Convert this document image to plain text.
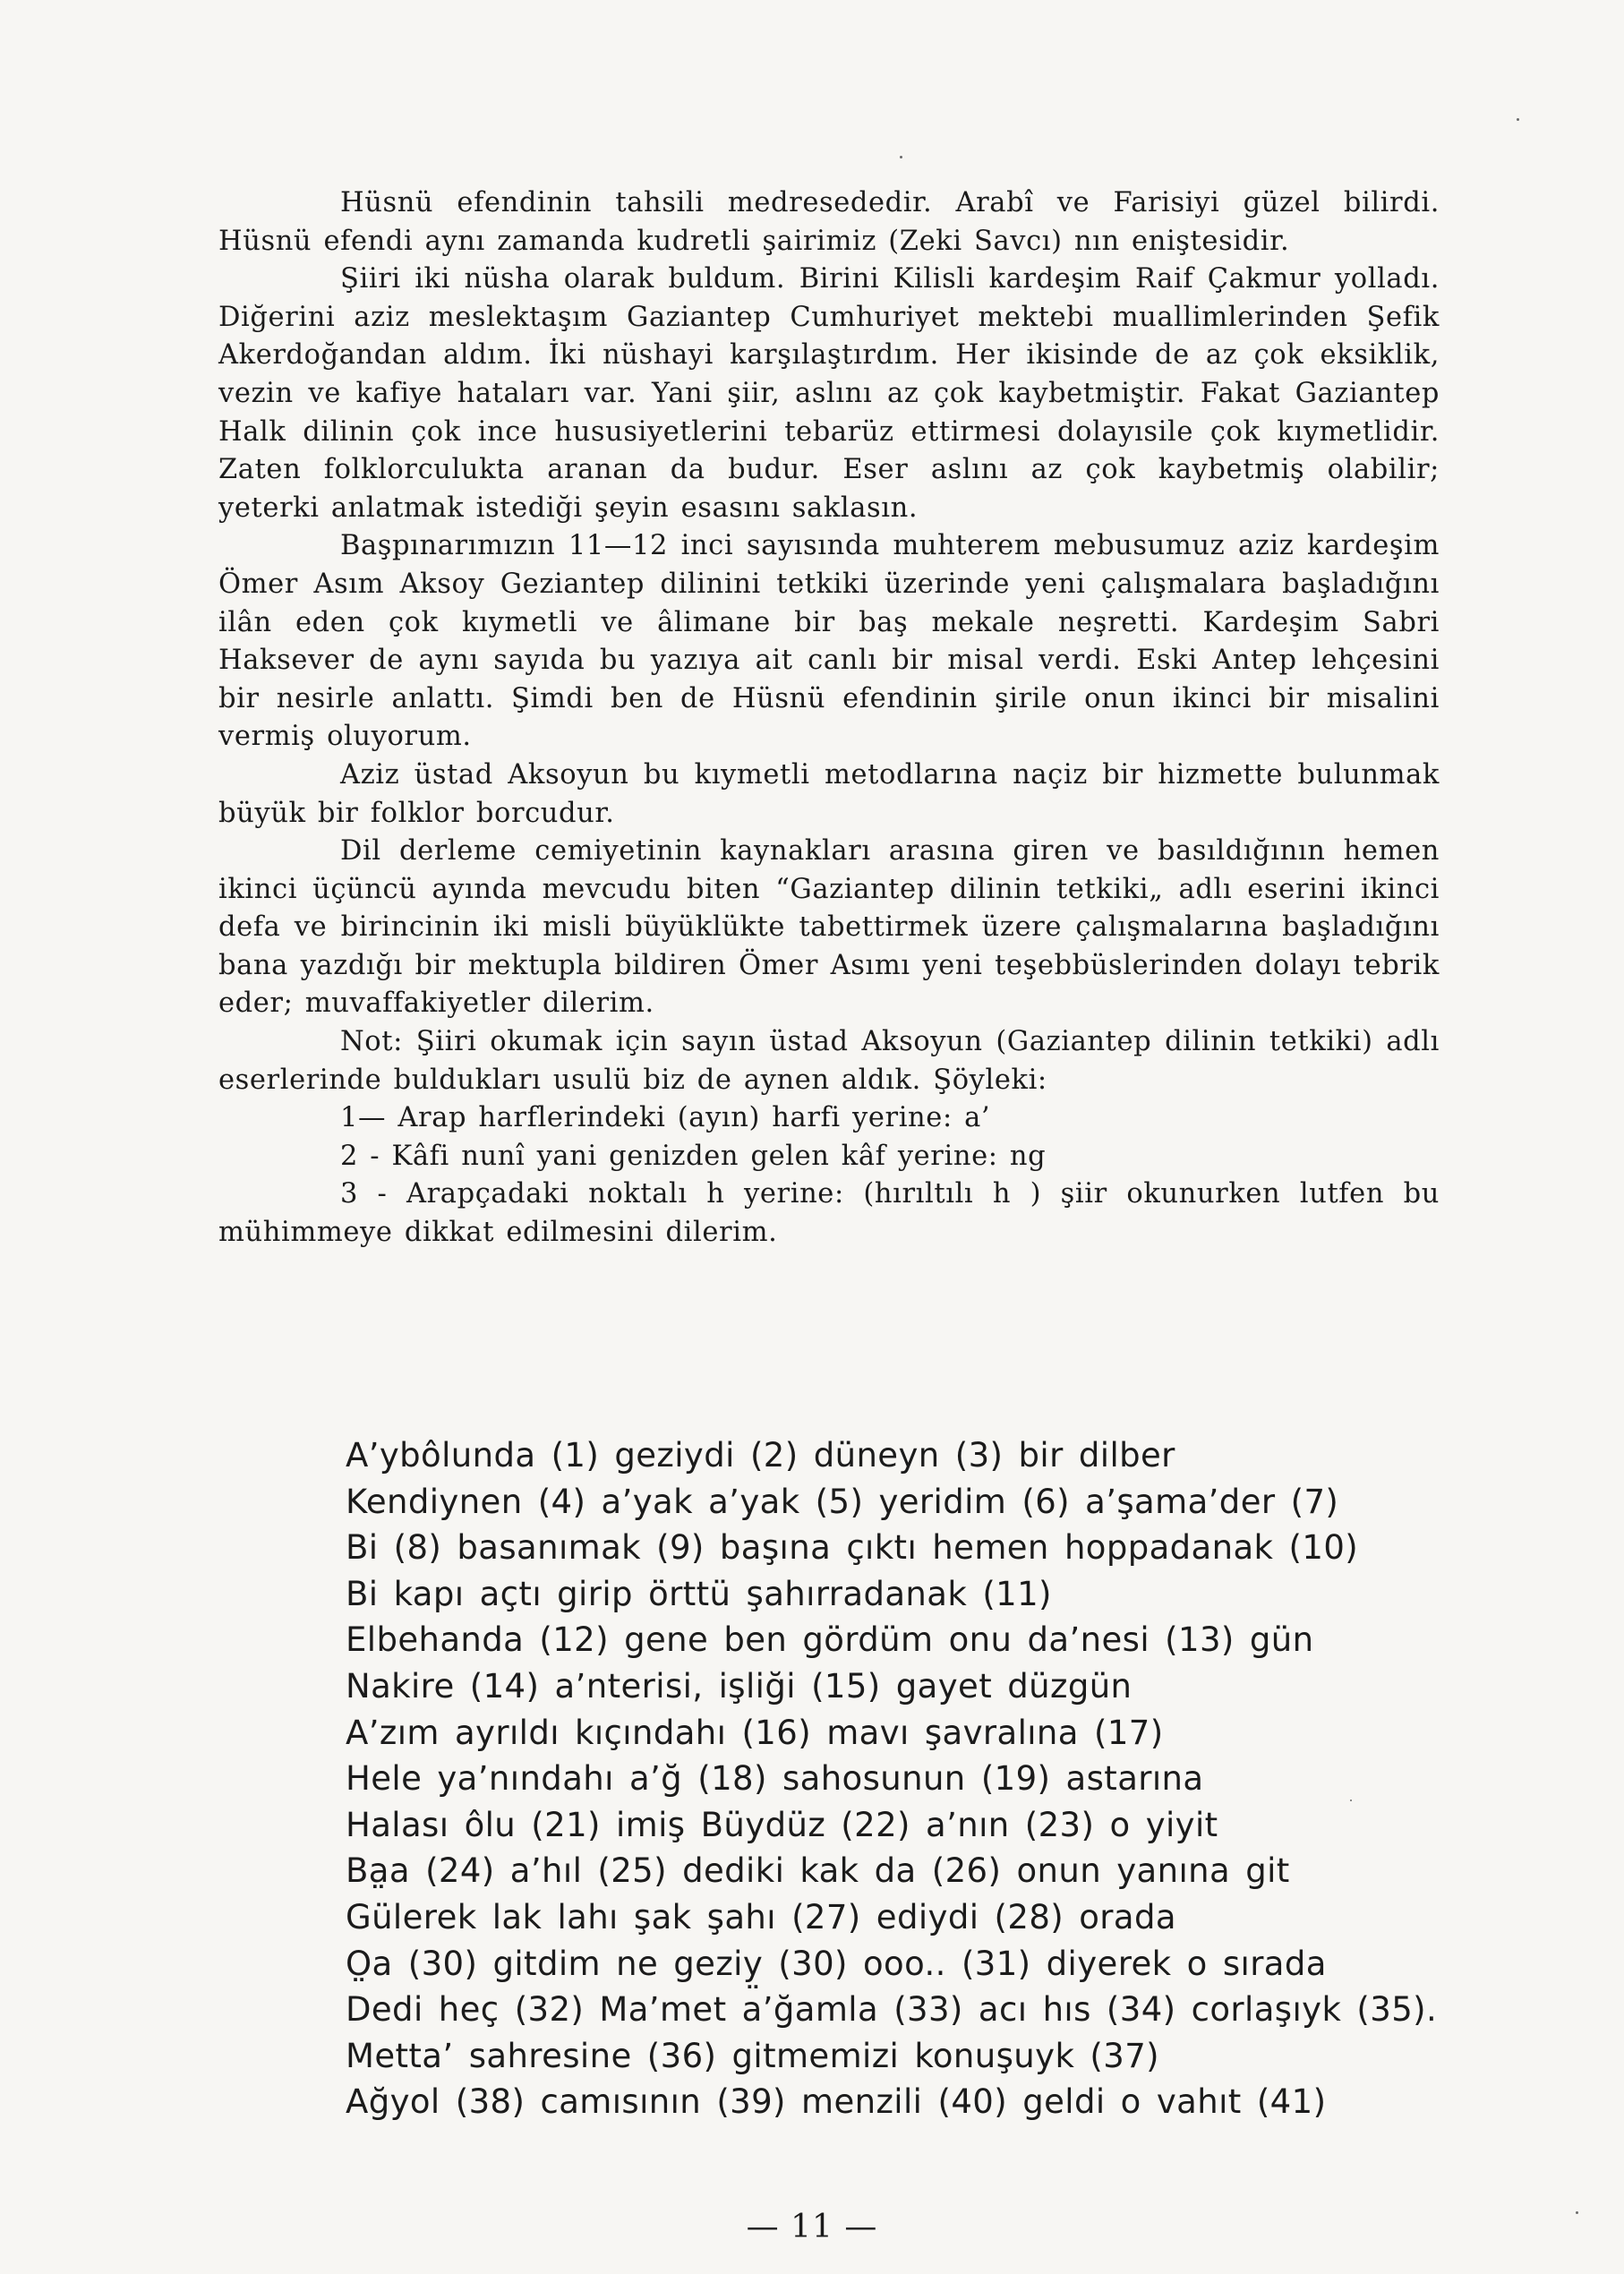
Hüsnü efendinin tahsili medresededir. Arabî ve Farisiyi güzel bilirdi. Hüsnü efendi aynı zamanda kudretli şairimiz (Zeki Savcı) nın eniştesidir.

Şiiri iki nüsha olarak buldum. Birini Kilisli kardeşim Raif Çakmur yolladı. Diğerini aziz meslektaşım Gaziantep Cumhuriyet mektebi muallimlerinden Şefik Akerdoğandan aldım. İki nüshayi karşılaştırdım. Her ikisinde de az çok eksiklik, vezin ve kafiye hataları var. Yani şiir, aslını az çok kaybetmiştir. Fakat Gaziantep Halk dilinin çok ince hususiyetlerini tebarüz ettirmesi dolayısile çok kıymetlidir. Zaten folklorculukta aranan da budur. Eser aslını az çok kaybetmiş olabilir; yeterki anlatmak istediği şeyin esasını saklasın.

Başpınarımızın 11—12 inci sayısında muhterem mebusumuz aziz kardeşim Ömer Asım Aksoy Geziantep dilinini tetkiki üzerinde yeni çalışmalara başladığını ilân eden çok kıymetli ve âlimane bir baş mekale neşretti. Kardeşim Sabri Haksever de aynı sayıda bu yazıya ait canlı bir misal verdi. Eski Antep lehçesini bir nesirle anlattı. Şimdi ben de Hüsnü efendinin şirile onun ikinci bir misalini vermiş oluyorum.

Aziz üstad Aksoyun bu kıymetli metodlarına naçiz bir hizmette bulunmak büyük bir folklor borcudur.

Dil derleme cemiyetinin kaynakları arasına giren ve basıldığının hemen ikinci üçüncü ayında mevcudu biten “Gaziantep dilinin tetkiki„ adlı eserini ikinci defa ve birincinin iki misli büyüklükte tabettirmek üzere çalışmalarına başladığını bana yazdığı bir mektupla bildiren Ömer Asımı yeni teşebbüslerinden dolayı tebrik eder; muvaffakiyetler dilerim.

Not: Şiiri okumak için sayın üstad Aksoyun (Gaziantep dilinin tetkiki) adlı eserlerinde buldukları usulü biz de aynen aldık. Şöyleki:

1— Arap harflerindeki (ayın) harfi yerine: a’

2 - Kâfi nunî yani genizden gelen kâf yerine: ng

3 - Arapçadaki noktalı h yerine: (hırıltılı h ) şiir okunurken lutfen bu mühimmeye dikkat edilmesini dilerim.

A’ybôlunda (1) geziydi (2) düneyn (3) bir dilber

Kendiynen (4) a’yak a’yak (5) yeridim (6) a’şama’der (7)

Bi (8) basanımak (9) başına çıktı hemen hoppadanak (10)

Bi kapı açtı girip örttü şahırradanak (11)

Elbehanda (12) gene ben gördüm onu da’nesi (13) gün

Nakire (14) a’nterisi, işliği (15) gayet düzgün

A’zım ayrıldı kıçındahı (16) mavı şavralına (17)

Hele ya’nındahı a’ğ (18) sahosunun (19) astarına

Halası ôlu (21) imiş Büydüz (22) a’nın (23) o yiyit

Ba̤a (24) a’hıl (25) dediki kak da (26) onun yanına git

Gülerek lak lahı şak şahı (27) ediydi (28) orada

O̤a (30) gitdim ne geziy̤ (30) ooo.. (31) diyerek o sırada

Dedi heç (32) Ma’met a’ğamla (33) acı hıs (34) corlaşıyk (35).

Metta’ sahresine (36) gitmemizi konuşuyk (37)

Ağyol (38) camısının (39) menzili (40) geldi o vahıt (41)

— 11 —
